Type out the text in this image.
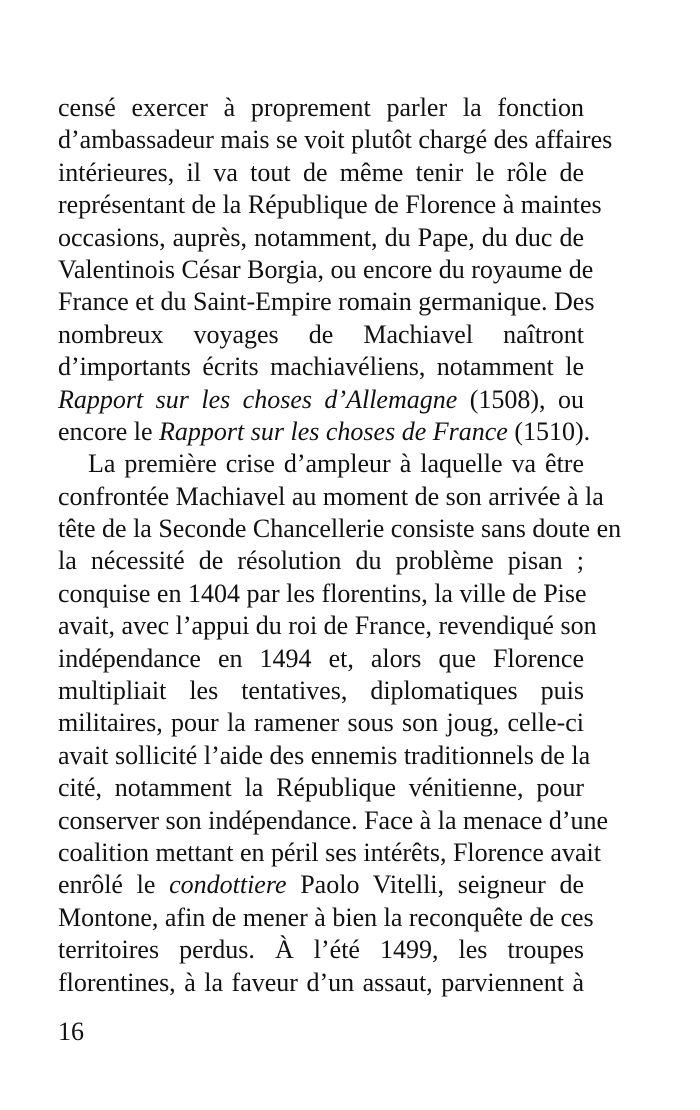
censé exercer à proprement parler la fonction
d’ambassadeur mais se voit plutôt chargé des affaires
intérieures, il va tout de même tenir le rôle de
représentant de la République de Florence à maintes
occasions, auprès, notamment, du Pape, du duc de
Valentinois César Borgia, ou encore du royaume de
France et du Saint-Empire romain germanique. Des
nombreux voyages de Machiavel naîtront
d’importants écrits machiavéliens, notamment le
Rapport sur les choses d’Allemagne (1508), ou
encore le Rapport sur les choses de France (1510).
La première crise d’ampleur à laquelle va être
confrontée Machiavel au moment de son arrivée à la
tête de la Seconde Chancellerie consiste sans doute en
la nécessité de résolution du problème pisan ;
conquise en 1404 par les florentins, la ville de Pise
avait, avec l’appui du roi de France, revendiqué son
indépendance en 1494 et, alors que Florence
multipliait les tentatives, diplomatiques puis
militaires, pour la ramener sous son joug, celle-ci
avait sollicité l’aide des ennemis traditionnels de la
cité, notamment la République vénitienne, pour
conserver son indépendance. Face à la menace d’une
coalition mettant en péril ses intérêts, Florence avait
enrôlé le condottiere Paolo Vitelli, seigneur de
Montone, afin de mener à bien la reconquête de ces
territoires perdus. À l’été 1499, les troupes
florentines, à la faveur d’un assaut, parviennent à
16
